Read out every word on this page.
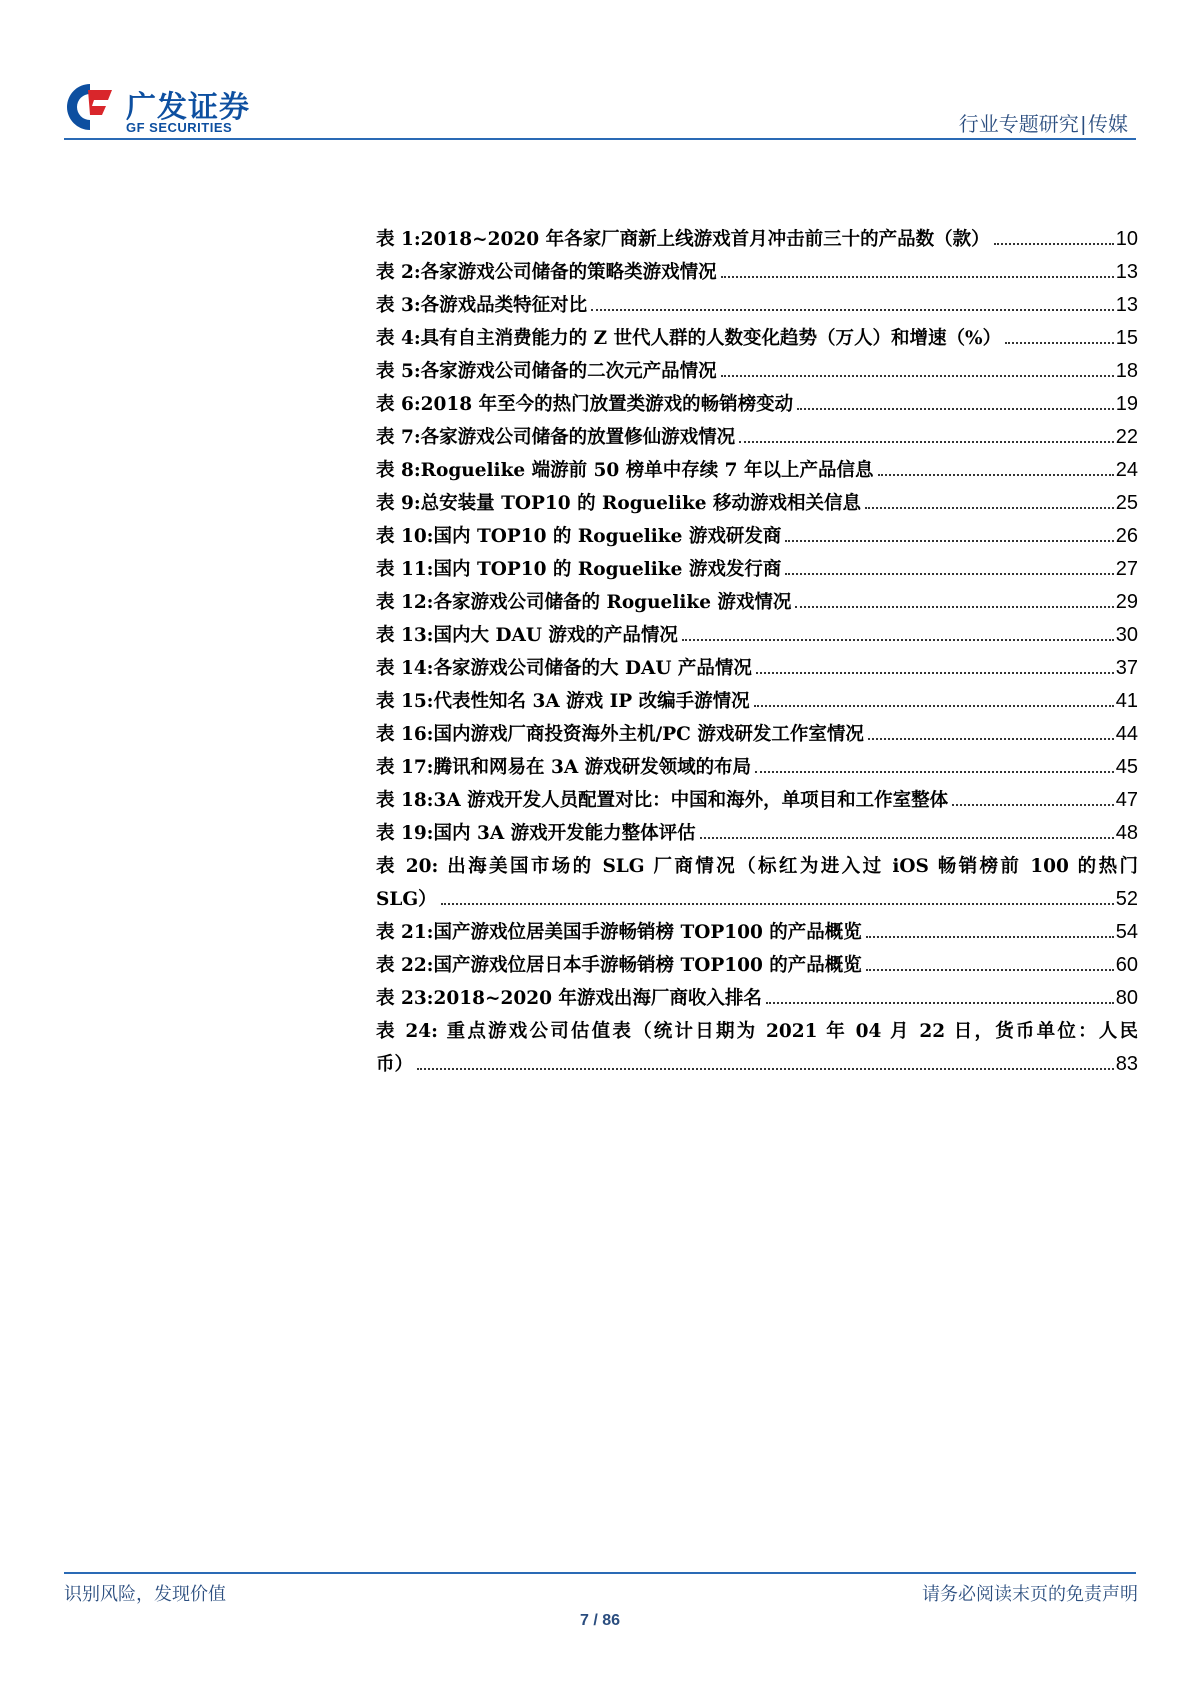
广发证券
GF SECURITIES	行业专题研究 | 传媒
表 1: 2018~2020 年各家厂商新上线游戏首月冲击前三十的产品数（款）	10
表 2: 各家游戏公司储备的策略类游戏情况	13
表 3: 各游戏品类特征对比	13
表 4: 具有自主消费能力的 Z 世代人群的人数变化趋势（万人）和增速（%）	15
表 5: 各家游戏公司储备的二次元产品情况	18
表 6: 2018 年至今的热门放置类游戏的畅销榜变动	19
表 7: 各家游戏公司储备的放置修仙游戏情况	22
表 8: Roguelike 端游前 50 榜单中存续 7 年以上产品信息	24
表 9: 总安装量 TOP10 的 Roguelike 移动游戏相关信息	25
表 10: 国内 TOP10 的 Roguelike 游戏研发商	26
表 11: 国内 TOP10 的 Roguelike 游戏发行商	27
表 12: 各家游戏公司储备的 Roguelike 游戏情况	29
表 13: 国内大 DAU 游戏的产品情况	30
表 14: 各家游戏公司储备的大 DAU 产品情况	37
表 15: 代表性知名 3A 游戏 IP 改编手游情况	41
表 16: 国内游戏厂商投资海外主机/PC 游戏研发工作室情况	44
表 17: 腾讯和网易在 3A 游戏研发领域的布局	45
表 18: 3A 游戏开发人员配置对比：中国和海外，单项目和工作室整体	47
表 19: 国内 3A 游戏开发能力整体评估	48
表 20: 出海美国市场的 SLG 厂商情况（标红为进入过 iOS 畅销榜前 100 的热门
SLG）	52
表 21: 国产游戏位居美国手游畅销榜 TOP100 的产品概览	54
表 22: 国产游戏位居日本手游畅销榜 TOP100 的产品概览	60
表 23: 2018~2020 年游戏出海厂商收入排名	80
表 24: 重点游戏公司估值表（统计日期为 2021 年 04 月 22 日，货币单位：人民
币）	83
识别风险，发现价值	请务必阅读末页的免责声明
7 / 86
